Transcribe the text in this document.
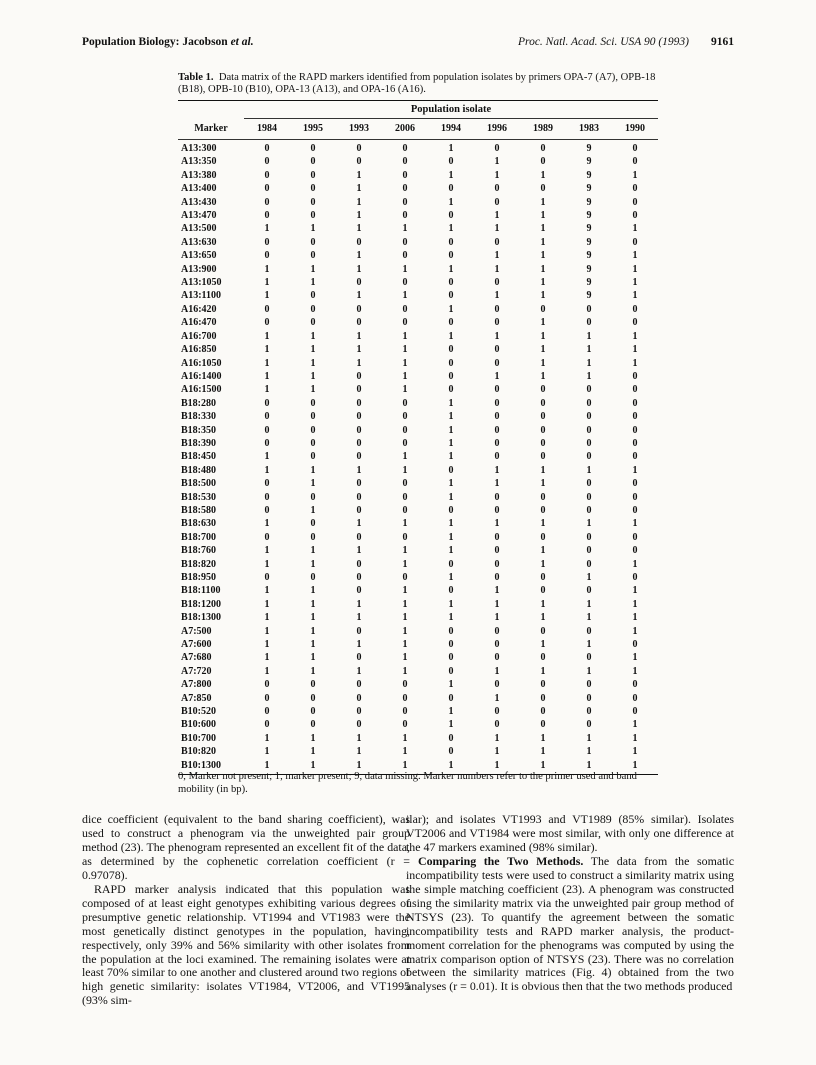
Population Biology: Jacobson et al.	Proc. Natl. Acad. Sci. USA 90 (1993) 9161
Table 1. Data matrix of the RAPD markers identified from population isolates by primers OPA-7 (A7), OPB-18 (B18), OPB-10 (B10), OPA-13 (A13), and OPA-16 (A16).
	Population isolate								
Marker	1984	1995	1993	2006	1994	1996	1989	1983	1990
A13:300	0	0	0	0	1	0	0	9	0
A13:350	0	0	0	0	0	1	0	9	0
A13:380	0	0	1	0	1	1	1	9	1
A13:400	0	0	1	0	0	0	0	9	0
A13:430	0	0	1	0	1	0	1	9	0
A13:470	0	0	1	0	0	1	1	9	0
A13:500	1	1	1	1	1	1	1	9	1
A13:630	0	0	0	0	0	0	1	9	0
A13:650	0	0	1	0	0	1	1	9	1
A13:900	1	1	1	1	1	1	1	9	1
A13:1050	1	1	0	0	0	0	1	9	1
A13:1100	1	0	1	1	0	1	1	9	1
A16:420	0	0	0	0	1	0	0	0	0
A16:470	0	0	0	0	0	0	1	0	0
A16:700	1	1	1	1	1	1	1	1	1
A16:850	1	1	1	1	0	0	1	1	1
A16:1050	1	1	1	1	0	0	1	1	1
A16:1400	1	1	0	1	0	1	1	1	0
A16:1500	1	1	0	1	0	0	0	0	0
B18:280	0	0	0	0	1	0	0	0	0
B18:330	0	0	0	0	1	0	0	0	0
B18:350	0	0	0	0	1	0	0	0	0
B18:390	0	0	0	0	1	0	0	0	0
B18:450	1	0	0	1	1	0	0	0	0
B18:480	1	1	1	1	0	1	1	1	1
B18:500	0	1	0	0	1	1	1	0	0
B18:530	0	0	0	0	1	0	0	0	0
B18:580	0	1	0	0	0	0	0	0	0
B18:630	1	0	1	1	1	1	1	1	1
B18:700	0	0	0	0	1	0	0	0	0
B18:760	1	1	1	1	1	0	1	0	0
B18:820	1	1	0	1	0	0	1	0	1
B18:950	0	0	0	0	1	0	0	1	0
B18:1100	1	1	0	1	0	1	0	0	1
B18:1200	1	1	1	1	1	1	1	1	1
B18:1300	1	1	1	1	1	1	1	1	1
A7:500	1	1	0	1	0	0	0	0	1
A7:600	1	1	1	1	0	0	1	1	0
A7:680	1	1	0	1	0	0	0	0	1
A7:720	1	1	1	1	0	1	1	1	1
A7:800	0	0	0	0	1	0	0	0	0
A7:850	0	0	0	0	0	1	0	0	0
B10:520	0	0	0	0	1	0	0	0	0
B10:600	0	0	0	0	1	0	0	0	1
B10:700	1	1	1	1	0	1	1	1	1
B10:820	1	1	1	1	0	1	1	1	1
B10:1300	1	1	1	1	1	1	1	1	1
0, Marker not present; 1, marker present; 9, data missing. Marker numbers refer to the primer used and band mobility (in bp).

dice coefficient (equivalent to the band sharing coefficient), was used to construct a phenogram via the unweighted pair group method (23). The phenogram represented an excellent fit of the data, as determined by the cophenetic correlation coefficient (r = 0.97078).

RAPD marker analysis indicated that this population was composed of at least eight genotypes exhibiting various degrees of presumptive genetic relationship. VT1994 and VT1983 were the most genetically distinct genotypes in the population, having, respectively, only 39% and 56% similarity with other isolates from the population at the loci examined. The remaining isolates were at least 70% similar to one another and clustered around two regions of high genetic similarity: isolates VT1984, VT2006, and VT1995 (93% sim-

ilar); and isolates VT1993 and VT1989 (85% similar). Isolates VT2006 and VT1984 were most similar, with only one difference at the 47 markers examined (98% similar).

Comparing the Two Methods. The data from the somatic incompatibility tests were used to construct a similarity matrix using the simple matching coefficient (23). A phenogram was constructed using the similarity matrix via the unweighted pair group method of NTSYS (23). To quantify the agreement between the somatic incompatibility tests and RAPD marker analysis, the product-moment correlation for the phenograms was computed by using the matrix comparison option of NTSYS (23). There was no correlation between the similarity matrices (Fig. 4) obtained from the two analyses (r = 0.01). It is obvious then that the two methods produced
